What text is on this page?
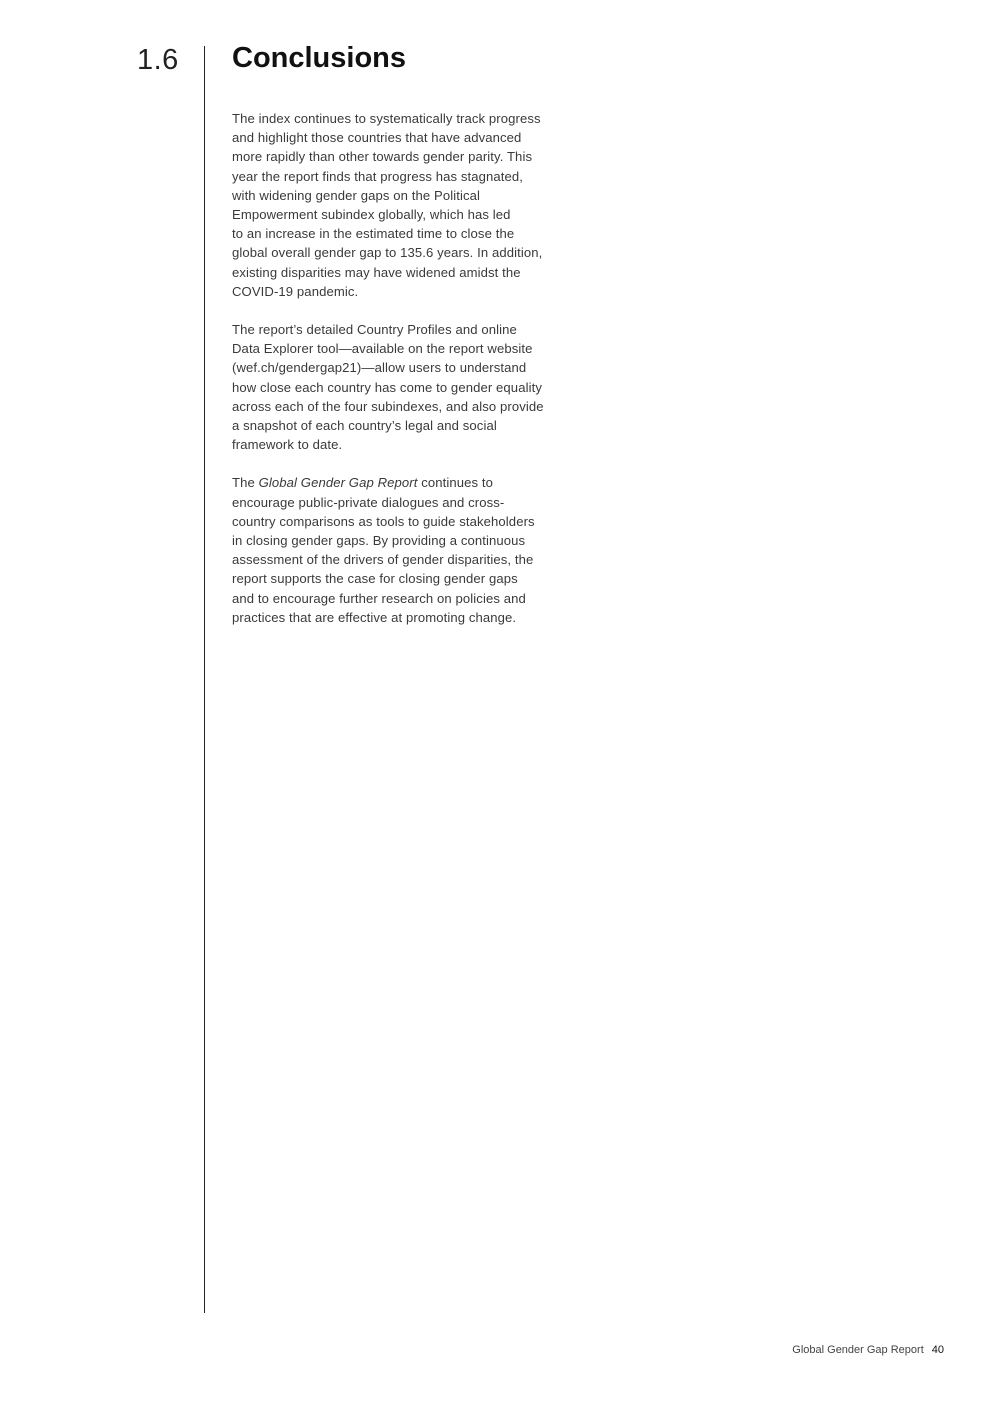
1.6 Conclusions

The index continues to systematically track progress
and highlight those countries that have advanced
more rapidly than other towards gender parity. This
year the report finds that progress has stagnated,
with widening gender gaps on the Political
Empowerment subindex globally, which has led
to an increase in the estimated time to close the
global overall gender gap to 135.6 years. In addition,
existing disparities may have widened amidst the
COVID-19 pandemic.

The report’s detailed Country Profiles and online
Data Explorer tool—available on the report website
(wef.ch/gendergap21)—allow users to understand
how close each country has come to gender equality
across each of the four subindexes, and also provide
a snapshot of each country’s legal and social
framework to date.

The Global Gender Gap Report continues to
encourage public-private dialogues and cross-
country comparisons as tools to guide stakeholders
in closing gender gaps. By providing a continuous
assessment of the drivers of gender disparities, the
report supports the case for closing gender gaps
and to encourage further research on policies and
practices that are effective at promoting change.

Global Gender Gap Report 40
